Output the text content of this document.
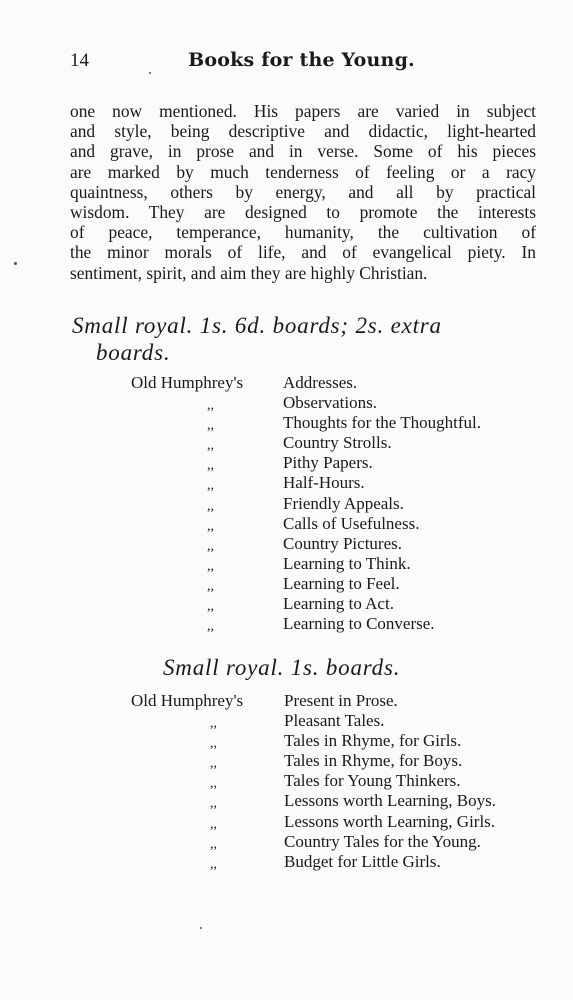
14	Books for the Young.

one now mentioned. His papers are varied in subject
and style, being descriptive and didactic, light-hearted
and grave, in prose and in verse. Some of his pieces
are marked by much tenderness of feeling or a racy
quaintness, others by energy, and all by practical
wisdom. They are designed to promote the interests
of peace, temperance, humanity, the cultivation of
the minor morals of life, and of evangelical piety. In
sentiment, spirit, and aim they are highly Christian.

Small royal. 1s. 6d. boards; 2s. extra
boards.
Old Humphrey's Addresses.
,,	Observations.
,,	Thoughts for the Thoughtful.
,,	Country Strolls.
,,	Pithy Papers.
,,	Half-Hours.
,,	Friendly Appeals.
,,	Calls of Usefulness.
,,	Country Pictures.
,,	Learning to Think.
,,	Learning to Feel.
,,	Learning to Act.
,,	Learning to Converse.
Small royal. 1s. boards.
Old Humphrey's Present in Prose.
,,	Pleasant Tales.
,,	Tales in Rhyme, for Girls.
,,	Tales in Rhyme, for Boys.
,,	Tales for Young Thinkers.
,,	Lessons worth Learning, Boys.
,,	Lessons worth Learning, Girls.
,,	Country Tales for the Young.
,,	Budget for Little Girls.
